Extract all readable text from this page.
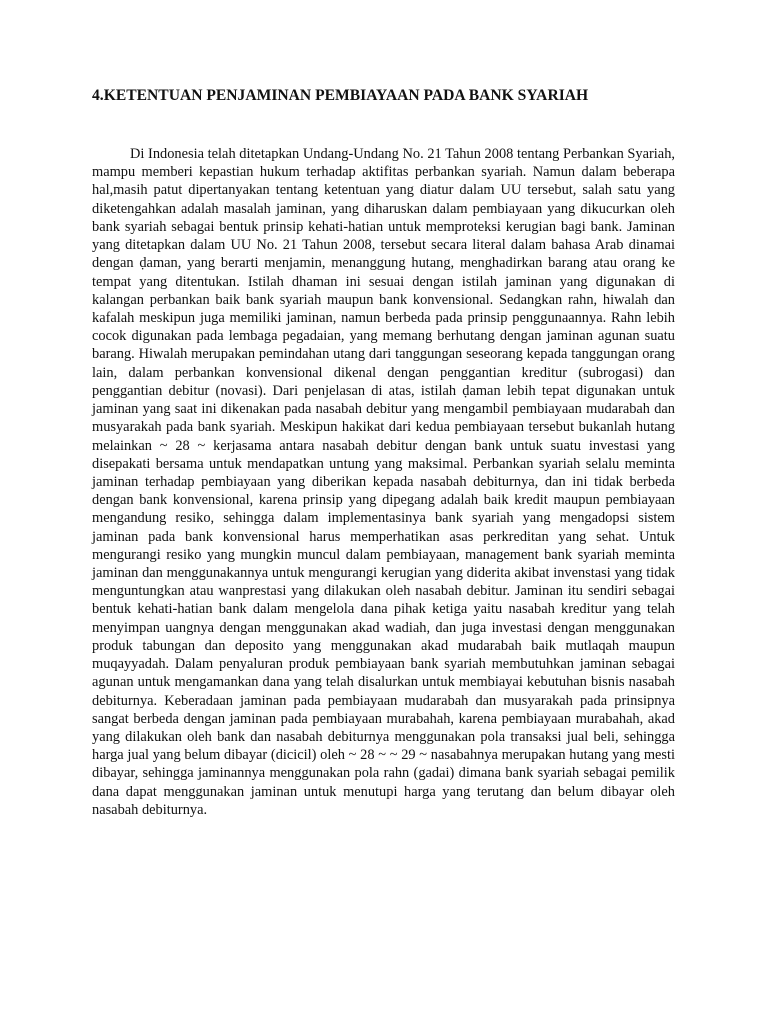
4.KETENTUAN PENJAMINAN PEMBIAYAAN PADA BANK SYARIAH

Di Indonesia telah ditetapkan Undang-Undang No. 21 Tahun 2008 tentang Perbankan Syariah, mampu memberi kepastian hukum terhadap aktifitas perbankan syariah. Namun dalam beberapa hal,masih patut dipertanyakan tentang ketentuan yang diatur dalam UU tersebut, salah satu yang diketengahkan adalah masalah jaminan, yang diharuskan dalam pembiayaan yang dikucurkan oleh bank syariah sebagai bentuk prinsip kehati-hatian untuk memproteksi kerugian bagi bank. Jaminan yang ditetapkan dalam UU No. 21 Tahun 2008, tersebut secara literal dalam bahasa Arab dinamai dengan ḍaman, yang berarti menjamin, menanggung hutang, menghadirkan barang atau orang ke tempat yang ditentukan. Istilah dhaman ini sesuai dengan istilah jaminan yang digunakan di kalangan perbankan baik bank syariah maupun bank konvensional. Sedangkan rahn, hiwalah dan kafalah meskipun juga memiliki jaminan, namun berbeda pada prinsip penggunaannya. Rahn lebih cocok digunakan pada lembaga pegadaian, yang memang berhutang dengan jaminan agunan suatu barang. Hiwalah merupakan pemindahan utang dari tanggungan seseorang kepada tanggungan orang lain, dalam perbankan konvensional dikenal dengan penggantian kreditur (subrogasi) dan penggantian debitur (novasi). Dari penjelasan di atas, istilah ḍaman lebih tepat digunakan untuk jaminan yang saat ini dikenakan pada nasabah debitur yang mengambil pembiayaan mudarabah dan musyarakah pada bank syariah. Meskipun hakikat dari kedua pembiayaan tersebut bukanlah hutang melainkan ~ 28 ~ kerjasama antara nasabah debitur dengan bank untuk suatu investasi yang disepakati bersama untuk mendapatkan untung yang maksimal. Perbankan syariah selalu meminta jaminan terhadap pembiayaan yang diberikan kepada nasabah debiturnya, dan ini tidak berbeda dengan bank konvensional, karena prinsip yang dipegang adalah baik kredit maupun pembiayaan mengandung resiko, sehingga dalam implementasinya bank syariah yang mengadopsi sistem jaminan pada bank konvensional harus memperhatikan asas perkreditan yang sehat. Untuk mengurangi resiko yang mungkin muncul dalam pembiayaan, management bank syariah meminta jaminan dan menggunakannya untuk mengurangi kerugian yang diderita akibat invenstasi yang tidak menguntungkan atau wanprestasi yang dilakukan oleh nasabah debitur. Jaminan itu sendiri sebagai bentuk kehati-hatian bank dalam mengelola dana pihak ketiga yaitu nasabah kreditur yang telah menyimpan uangnya dengan menggunakan akad wadiah, dan juga investasi dengan menggunakan produk tabungan dan deposito yang menggunakan akad mudarabah baik mutlaqah maupun muqayyadah. Dalam penyaluran produk pembiayaan bank syariah membutuhkan jaminan sebagai agunan untuk mengamankan dana yang telah disalurkan untuk membiayai kebutuhan bisnis nasabah debiturnya. Keberadaan jaminan pada pembiayaan mudarabah dan musyarakah pada prinsipnya sangat berbeda dengan jaminan pada pembiayaan murabahah, karena pembiayaan murabahah, akad yang dilakukan oleh bank dan nasabah debiturnya menggunakan pola transaksi jual beli, sehingga harga jual yang belum dibayar (dicicil) oleh ~ 28 ~ ~ 29 ~ nasabahnya merupakan hutang yang mesti dibayar, sehingga jaminannya menggunakan pola rahn (gadai) dimana bank syariah sebagai pemilik dana dapat menggunakan jaminan untuk menutupi harga yang terutang dan belum dibayar oleh nasabah debiturnya.
